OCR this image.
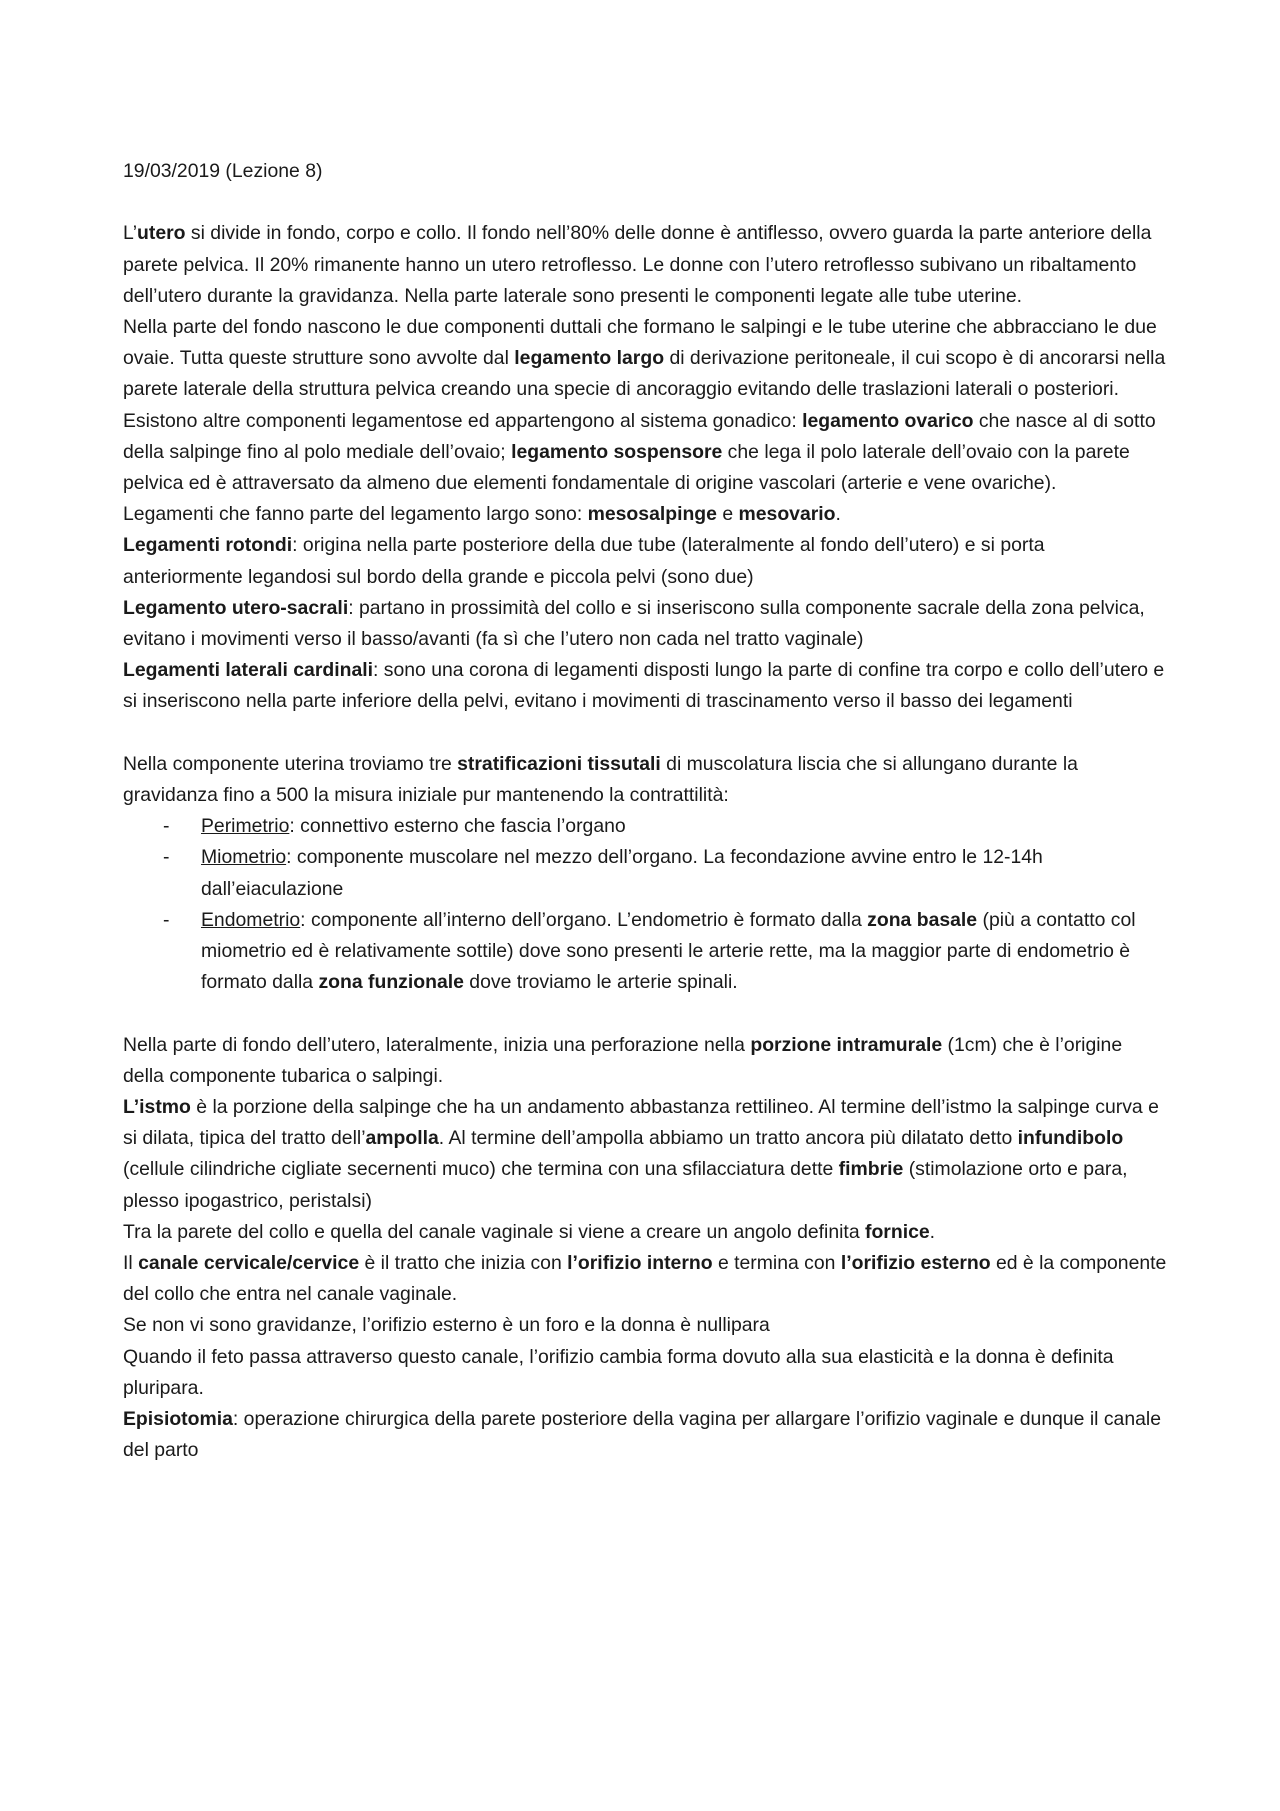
19/03/2019 (Lezione 8)

L’utero si divide in fondo, corpo e collo. Il fondo nell’80% delle donne è antiflesso, ovvero guarda la parte anteriore della parete pelvica. Il 20% rimanente hanno un utero retroflesso. Le donne con l’utero retroflesso subivano un ribaltamento dell’utero durante la gravidanza. Nella parte laterale sono presenti le componenti legate alle tube uterine.

Nella parte del fondo nascono le due componenti duttali che formano le salpingi e le tube uterine che abbracciano le due ovaie. Tutta queste strutture sono avvolte dal legamento largo di derivazione peritoneale, il cui scopo è di ancorarsi nella parete laterale della struttura pelvica creando una specie di ancoraggio evitando delle traslazioni laterali o posteriori.

Esistono altre componenti legamentose ed appartengono al sistema gonadico: legamento ovarico che nasce al di sotto della salpinge fino al polo mediale dell’ovaio; legamento sospensore che lega il polo laterale dell’ovaio con la parete pelvica ed è attraversato da almeno due elementi fondamentale di origine vascolari (arterie e vene ovariche).

Legamenti che fanno parte del legamento largo sono: mesosalpinge e mesovario.

Legamenti rotondi: origina nella parte posteriore della due tube (lateralmente al fondo dell’utero) e si porta anteriormente legandosi sul bordo della grande e piccola pelvi (sono due)

Legamento utero-sacrali: partano in prossimità del collo e si inseriscono sulla componente sacrale della zona pelvica, evitano i movimenti verso il basso/avanti (fa sì che l’utero non cada nel tratto vaginale)

Legamenti laterali cardinali: sono una corona di legamenti disposti lungo la parte di confine tra corpo e collo dell’utero e si inseriscono nella parte inferiore della pelvi, evitano i movimenti di trascinamento verso il basso dei legamenti

Nella componente uterina troviamo tre stratificazioni tissutali di muscolatura liscia che si allungano durante la gravidanza fino a 500 la misura iniziale pur mantenendo la contrattilità:

- Perimetrio: connettivo esterno che fascia l’organo
- Miometrio: componente muscolare nel mezzo dell’organo. La fecondazione avvine entro le 12-14h dall’eiaculazione
- Endometrio: componente all’interno dell’organo. L’endometrio è formato dalla zona basale (più a contatto col miometrio ed è relativamente sottile) dove sono presenti le arterie rette, ma la maggior parte di endometrio è formato dalla zona funzionale dove troviamo le arterie spinali.

Nella parte di fondo dell’utero, lateralmente, inizia una perforazione nella porzione intramurale (1cm) che è l’origine della componente tubarica o salpingi.

L’istmo è la porzione della salpinge che ha un andamento abbastanza rettilineo. Al termine dell’istmo la salpinge curva e si dilata, tipica del tratto dell’ampolla. Al termine dell’ampolla abbiamo un tratto ancora più dilatato detto infundibolo (cellule cilindriche cigliate secernenti muco) che termina con una sfilacciatura dette fimbrie (stimolazione orto e para, plesso ipogastrico, peristalsi)

Tra la parete del collo e quella del canale vaginale si viene a creare un angolo definita fornice.

Il canale cervicale/cervice è il tratto che inizia con l’orifizio interno e termina con l’orifizio esterno ed è la componente del collo che entra nel canale vaginale.

Se non vi sono gravidanze, l’orifizio esterno è un foro e la donna è nullipara

Quando il feto passa attraverso questo canale, l’orifizio cambia forma dovuto alla sua elasticità e la donna è definita pluripara.

Episiotomia: operazione chirurgica della parete posteriore della vagina per allargare l’orifizio vaginale e dunque il canale del parto
